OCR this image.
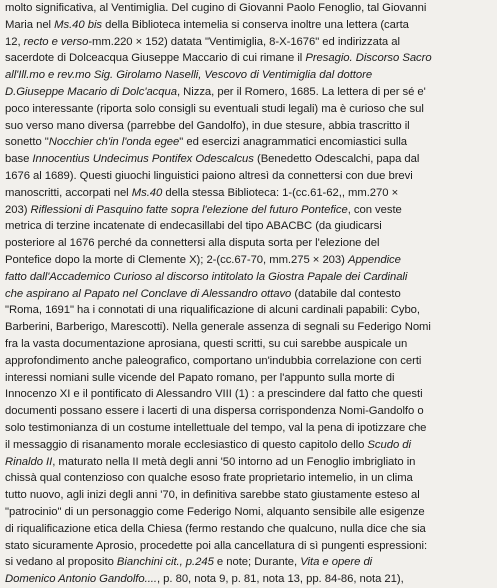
molto significativa, al Ventimiglia. Del cugino di Giovanni Paolo Fenoglio, tal Giovanni
Maria nel Ms.40 bis della Biblioteca intemelia si conserva inoltre una lettera (carta
12, recto e verso-mm.220 × 152) datata "Ventimiglia, 8-X-1676" ed indirizzata al
sacerdote di Dolceacqua Giuseppe Maccario di cui rimane il Presagio. Discorso Sacro
all'Ill.mo e rev.mo Sig. Girolamo Naselli, Vescovo di Ventimiglia dal dottore
D.Giuseppe Macario di Dolc'acqua, Nizza, per il Romero, 1685. La lettera di per sé e'
poco interessante (riporta solo consigli su eventuali studi legali) ma è curioso che sul
suo verso mano diversa (parrebbe del Gandolfo), in due stesure, abbia trascritto il
sonetto "Nocchier ch'in l'onda egee" ed esercizi anagrammatici encomiastici sulla
base Innocentius Undecimus Pontifex Odescalcus (Benedetto Odescalchi, papa dal
1676 al 1689). Questi giuochi linguistici paiono altresì da connettersi con due brevi
manoscritti, accorpati nel Ms.40 della stessa Biblioteca: 1-(cc.61-62,, mm.270 ×
203) Riflessioni di Pasquino fatte sopra l'elezione del futuro Pontefice, con veste
metrica di terzine incatenate di endecasillabi del tipo ABACBC (da giudicarsi
posteriore al 1676 perché da connettersi alla disputa sorta per l'elezione del
Pontefice dopo la morte di Clemente X); 2-(cc.67-70, mm.275 × 203) Appendice
fatto dall'Accademico Curioso al discorso intitolato la Giostra Papale dei Cardinali
che aspirano al Papato nel Conclave di Alessandro ottavo (databile dal contesto
"Roma, 1691" ha i connotati di una riqualificazione di alcuni cardinali papabili: Cybo,
Barberini, Barberigo, Marescotti). Nella generale assenza di segnali su Federigo Nomi
fra la vasta documentazione aprosiana, questi scritti, su cui sarebbe auspicale un
approfondimento anche paleografico, comportano un'indubbia correlazione con certi
interessi nomiani sulle vicende del Papato romano, per l'appunto sulla morte di
Innocenzo XI e il pontificato di Alessandro VIII (1) : a prescindere dal fatto che questi
documenti possano essere i lacerti di una dispersa corrispondenza Nomi-Gandolfo o
solo testimonianza di un costume intellettuale del tempo, val la pena di ipotizzare che
il messaggio di risanamento morale ecclesiastico di questo capitolo dello Scudo di
Rinaldo II, maturato nella II metà degli anni '50 intorno ad un Fenoglio imbrigliato in
chissà qual contenzioso con qualche esoso frate proprietario intemelio, in un clima
tutto nuovo, agli inizi degli anni '70, in definitiva sarebbe stato giustamente esteso al
"patrocinio" di un personaggio come Federigo Nomi, alquanto sensibile alle esigenze
di riqualificazione etica della Chiesa (fermo restando che qualcuno, nulla dice che sia
stato sicuramente Aprosio, procedette poi alla cancellatura di sì pungenti espressioni:
si vedano al proposito Bianchini cit., p.245 e note; Durante, Vita e opere di
Domenico Antonio Gandolfo...., p. 80, nota 9, p. 81, nota 13, pp. 84-86, nota 21),
